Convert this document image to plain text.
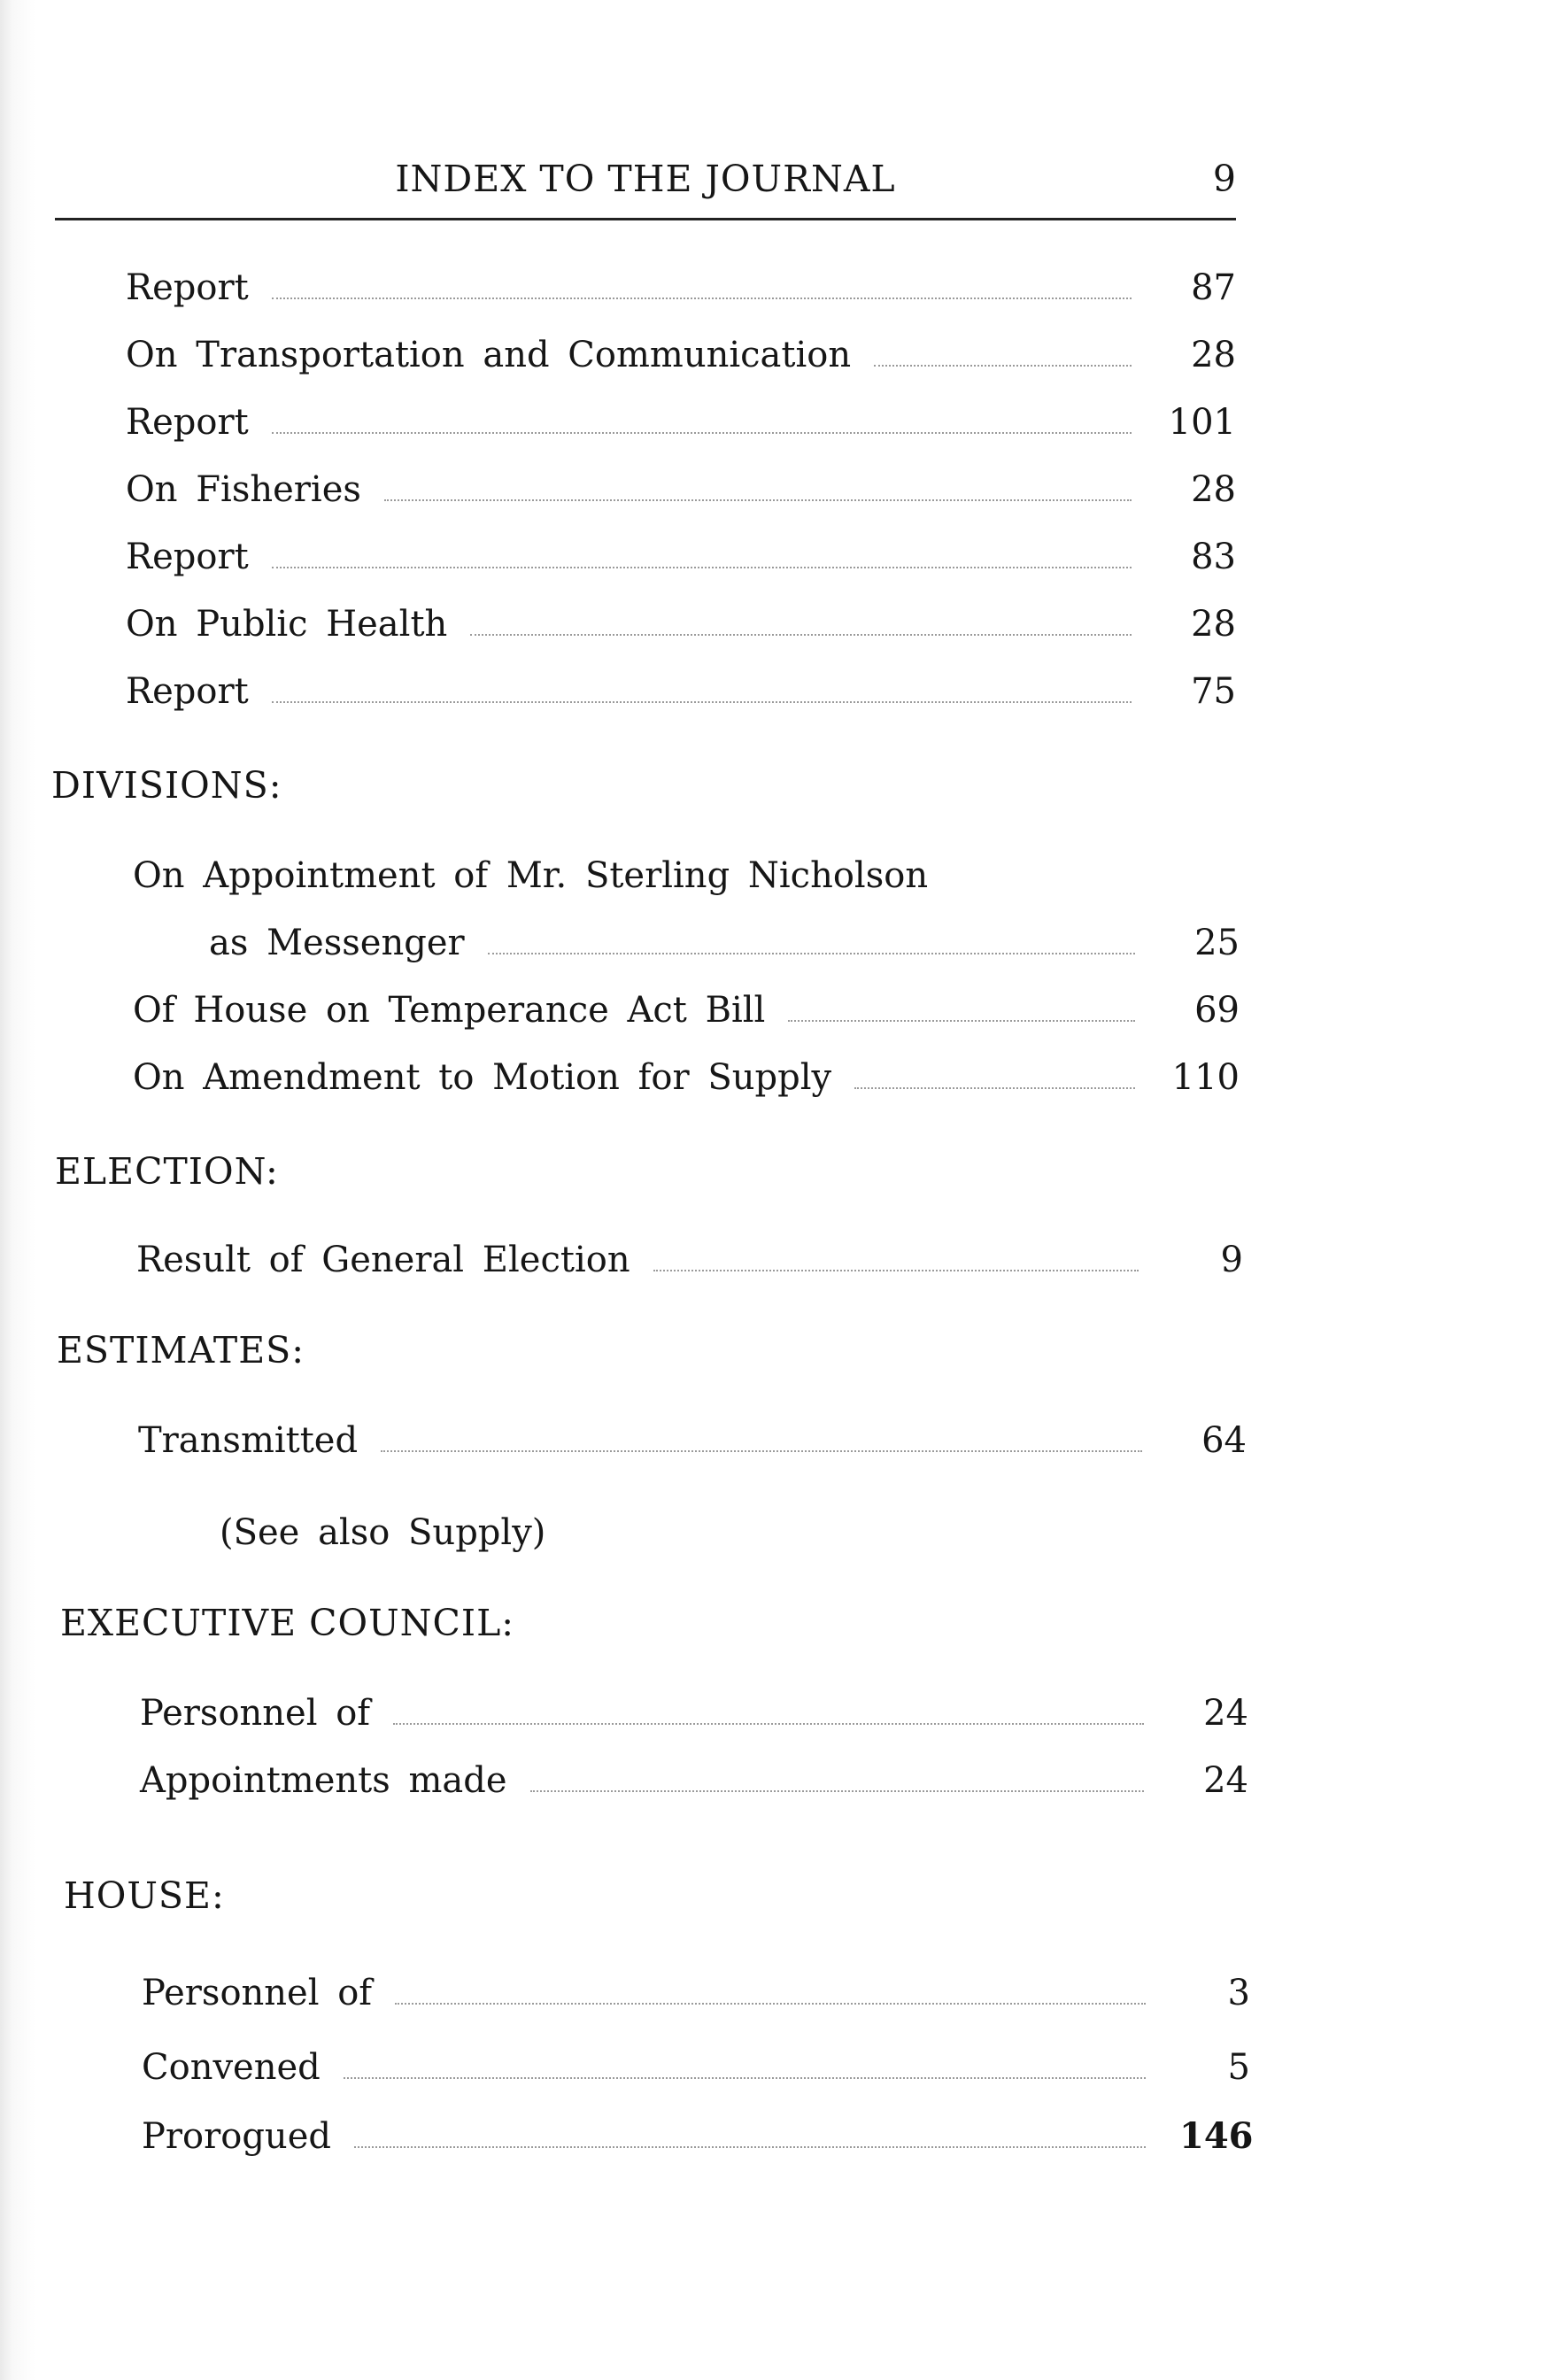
INDEX TO THE JOURNAL	9
Report	87
On Transportation and Communication	28
Report	101
On Fisheries	28
Report	83
On Public Health	28
Report	75
DIVISIONS:
On Appointment of Mr. Sterling Nicholson
as Messenger	25
Of House on Temperance Act Bill	69
On Amendment to Motion for Supply	110
ELECTION:
Result of General Election	9
ESTIMATES:
Transmitted	64
(See also Supply)
EXECUTIVE COUNCIL:
Personnel of	24
Appointments made	24
HOUSE:
Personnel of	3
Convened	5
Prorogued	146
